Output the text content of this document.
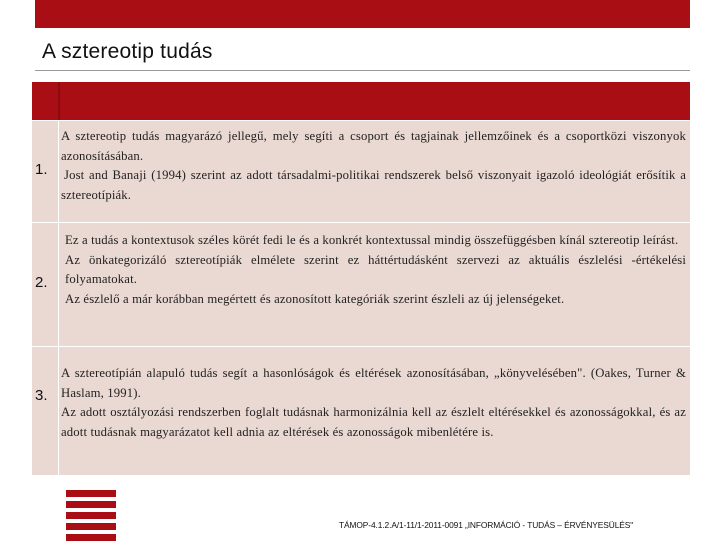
A sztereotip tudás
1.

A sztereotip tudás magyarázó jellegű, mely segíti a csoport és tagjainak jellemzőinek és a csoportközi viszonyok azonosításában.

Jost and Banaji (1994) szerint az adott társadalmi-politikai rendszerek belső viszonyait igazoló ideológiát erősítik a sztereotípiák.

2.

Ez a tudás a kontextusok széles körét fedi le és a konkrét kontextussal mindig összefüggésben kínál sztereotip leírást.

Az önkategorizáló sztereotípiák elmélete szerint ez háttértudásként szervezi az aktuális észlelési -értékelési folyamatokat.

Az észlelő a már korábban megértett és azonosított kategóriák szerint észleli az új jelenségeket.

3.

A sztereotípián alapuló tudás segít a hasonlóságok és eltérések azonosításában, „könyvelésében". (Oakes, Turner & Haslam, 1991).

Az adott osztályozási rendszerben foglalt tudásnak harmonizálnia kell az észlelt eltérésekkel és azonosságokkal, és az adott tudásnak magyarázatot kell adnia az eltérések és azonosságok mibenlétére is.

TÁMOP-4.1.2.A/1-11/1-2011-0091 „INFORMÁCIÓ - TUDÁS – ÉRVÉNYESÜLÉS"
